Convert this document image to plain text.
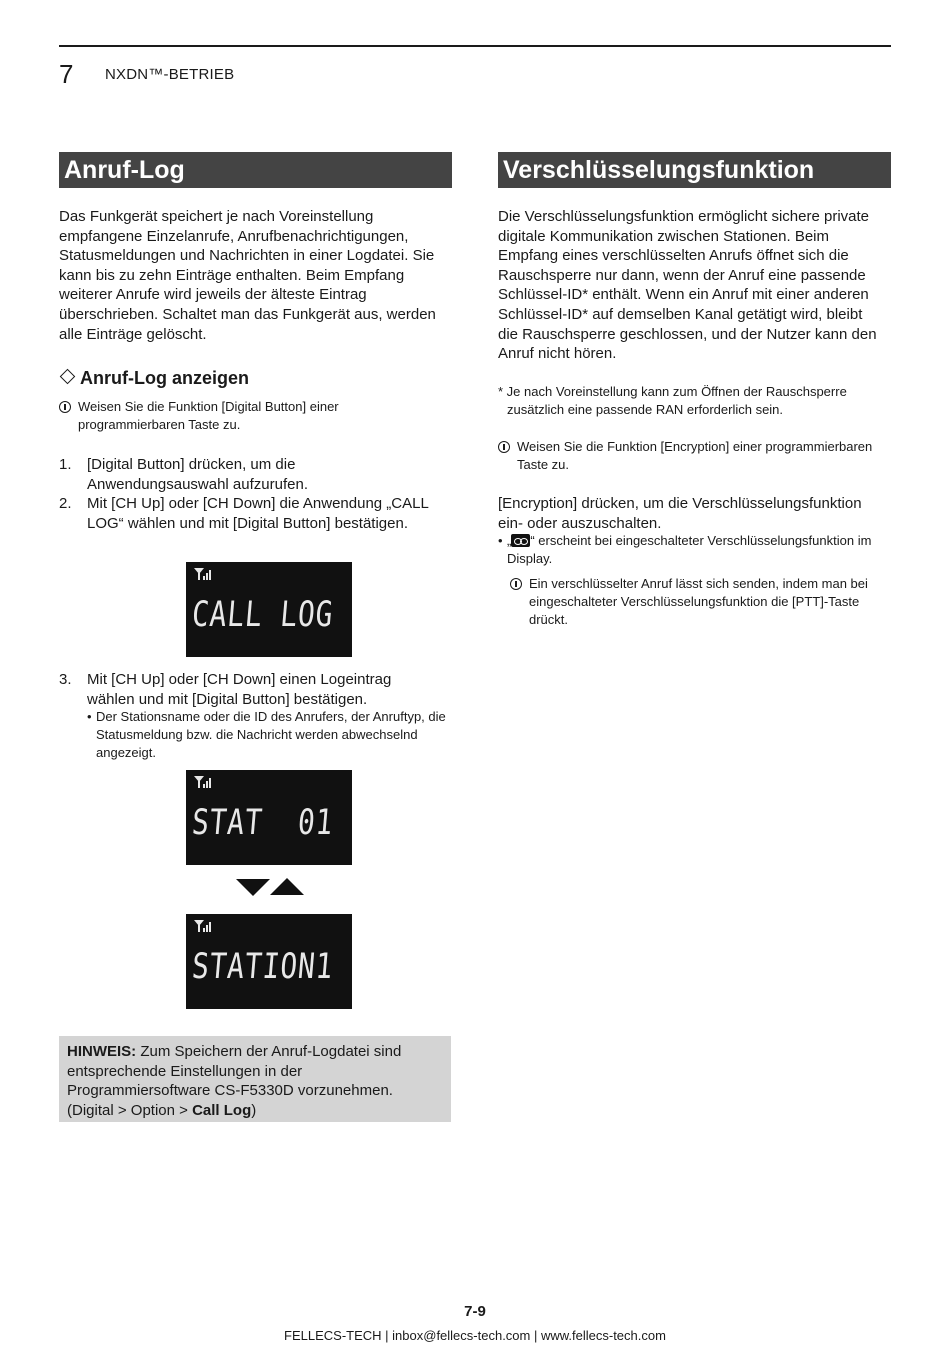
7 NXDN™-BETRIEB
Anruf-Log
Das Funkgerät speichert je nach Voreinstellung empfangene Einzelanrufe, Anrufbenachrichtigungen, Statusmeldungen und Nachrichten in einer Logdatei. Sie kann bis zu zehn Einträge enthalten. Beim Empfang weiterer Anrufe wird jeweils der älteste Eintrag überschrieben. Schaltet man das Funkgerät aus, werden alle Einträge gelöscht.
Anruf-Log anzeigen
Weisen Sie die Funktion [Digital Button] einer programmierbaren Taste zu.
1. [Digital Button] drücken, um die Anwendungsauswahl aufzurufen.
2. Mit [CH Up] oder [CH Down] die Anwendung „CALL LOG“ wählen und mit [Digital Button] bestätigen.
CALL LOG
3. Mit [CH Up] oder [CH Down] einen Logeintrag wählen und mit [Digital Button] bestätigen.
• Der Stationsname oder die ID des Anrufers, der Anruftyp, die Statusmeldung bzw. die Nachricht werden abwechselnd angezeigt.
STAT  01
STATION1
HINWEIS: Zum Speichern der Anruf-Logdatei sind entsprechende Einstellungen in der Programmiersoftware CS-F5330D vorzunehmen.
(Digital > Option > Call Log)
Verschlüsselungsfunktion
Die Verschlüsselungsfunktion ermöglicht sichere private digitale Kommunikation zwischen Stationen. Beim Empfang eines verschlüsselten Anrufs öffnet sich die Rauschsperre nur dann, wenn der Anruf eine passende Schlüssel-ID* enthält. Wenn ein Anruf mit einer anderen Schlüssel-ID* auf demselben Kanal getätigt wird, bleibt die Rauschsperre geschlossen, und der Nutzer kann den Anruf nicht hören.
* Je nach Voreinstellung kann zum Öffnen der Rauschsperre zusätzlich eine passende RAN erforderlich sein.
Weisen Sie die Funktion [Encryption] einer programmierbaren Taste zu.
[Encryption] drücken, um die Verschlüsselungsfunktion ein- oder auszuschalten.
• „ “ erscheint bei eingeschalteter Verschlüsselungsfunktion im Display.
Ein verschlüsselter Anruf lässt sich senden, indem man bei eingeschalteter Verschlüsselungsfunktion die [PTT]-Taste drückt.
7-9
FELLECS-TECH | inbox@fellecs-tech.com | www.fellecs-tech.com
